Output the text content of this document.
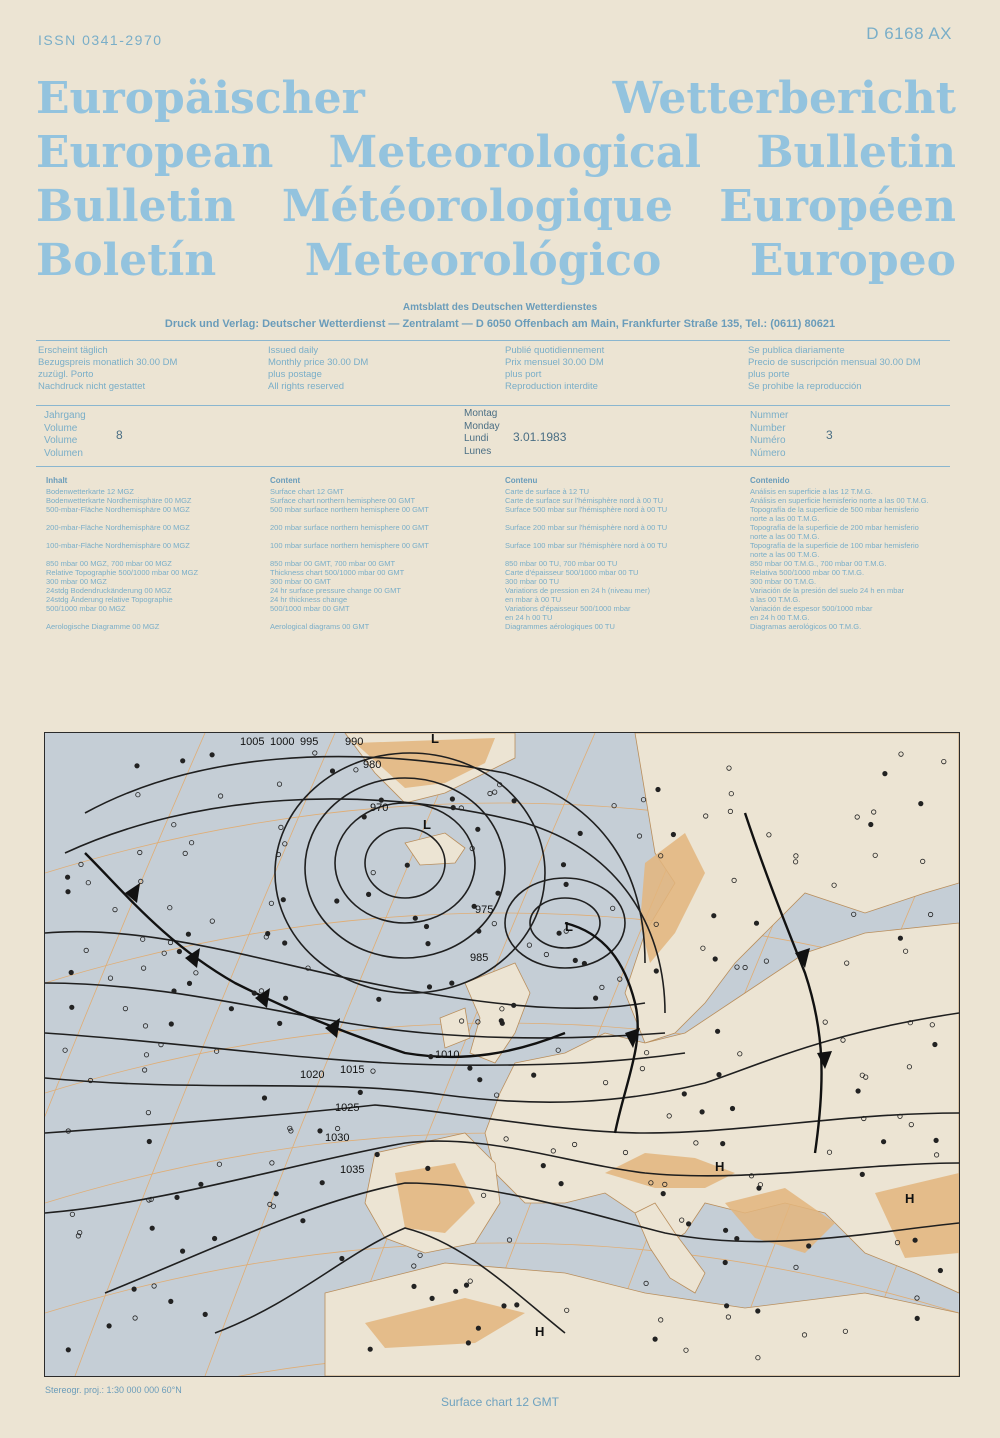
ISSN 0341-2970	D 6168 AX
Europäischer Wetterbericht
European Meteorological Bulletin
Bulletin Météorologique Européen
Boletín Meteorológico Europeo
Amtsblatt des Deutschen Wetterdienstes
Druck und Verlag: Deutscher Wetterdienst — Zentralamt — D 6050 Offenbach am Main, Frankfurter Straße 135, Tel.: (0611) 80621
Erscheint täglich
Bezugspreis monatlich 30.00 DM
zuzügl. Porto
Nachdruck nicht gestattet
Issued daily
Monthly price 30.00 DM
plus postage
All rights reserved
Publié quotidiennement
Prix mensuel 30.00 DM
plus port
Reproduction interdite
Se publica diariamente
Precio de suscripción mensual 30.00 DM
plus porte
Se prohibe la reproducción
Jahrgang
Volume
Volume
Volumen
8
Montag
Monday
Lundi
Lunes
3.01.1983
Nummer
Number
Numéro
Número
3
Inhalt
Bodenwetterkarte 12 MGZ
Bodenwetterkarte Nordhemisphäre 00 MGZ
500-mbar-Fläche Nordhemisphäre 00 MGZ

200-mbar-Fläche Nordhemisphäre 00 MGZ

100-mbar-Fläche Nordhemisphäre 00 MGZ

850 mbar 00 MGZ, 700 mbar 00 MGZ
Relative Topographie 500/1000 mbar 00 MGZ
300 mbar 00 MGZ
24stdg Bodendruckänderung 00 MGZ
24stdg Änderung relative Topographie
500/1000 mbar 00 MGZ

Aerologische Diagramme 00 MGZ
Content
Surface chart 12 GMT
Surface chart northern hemisphere 00 GMT
500 mbar surface northern hemisphere 00 GMT

200 mbar surface northern hemisphere 00 GMT

100 mbar surface northern hemisphere 00 GMT

850 mbar 00 GMT, 700 mbar 00 GMT
Thickness chart 500/1000 mbar 00 GMT
300 mbar 00 GMT
24 hr surface pressure change 00 GMT
24 hr thickness change
500/1000 mbar 00 GMT

Aerological diagrams 00 GMT
Contenu
Carte de surface à 12 TU
Carte de surface sur l'hémisphère nord à 00 TU
Surface 500 mbar sur l'hémisphère nord à 00 TU

Surface 200 mbar sur l'hémisphère nord à 00 TU

Surface 100 mbar sur l'hémisphère nord à 00 TU

850 mbar 00 TU, 700 mbar 00 TU
Carte d'épaisseur 500/1000 mbar 00 TU
300 mbar 00 TU
Variations de pression en 24 h (niveau mer)
en mbar à 00 TU
Variations d'épaisseur 500/1000 mbar
en 24 h 00 TU
Diagrammes aérologiques 00 TU
Contenido
Análisis en superficie a las 12 T.M.G.
Análisis en superficie hemisferio norte a las 00 T.M.G.
Topografía de la superficie de 500 mbar hemisferio
norte a las 00 T.M.G.
Topografía de la superficie de 200 mbar hemisferio
norte a las 00 T.M.G.
Topografía de la superficie de 100 mbar hemisferio
norte a las 00 T.M.G.
850 mbar 00 T.M.G., 700 mbar 00 T.M.G.
Relativa 500/1000 mbar 00 T.M.G.
300 mbar 00 T.M.G.
Variación de la presión del suelo 24 h en mbar
a las 00 T.M.G.
Variación de espesor 500/1000 mbar
en 24 h 00 T.M.G.
Diagramas aerológicos 00 T.M.G.
1005 1000 995 990
985
980
975
970
1010
1015
1020
1025
1030
1035
L
L
L
H
H
H
Stereogr. proj.: 1:30 000 000 60°N
Surface chart 12 GMT
